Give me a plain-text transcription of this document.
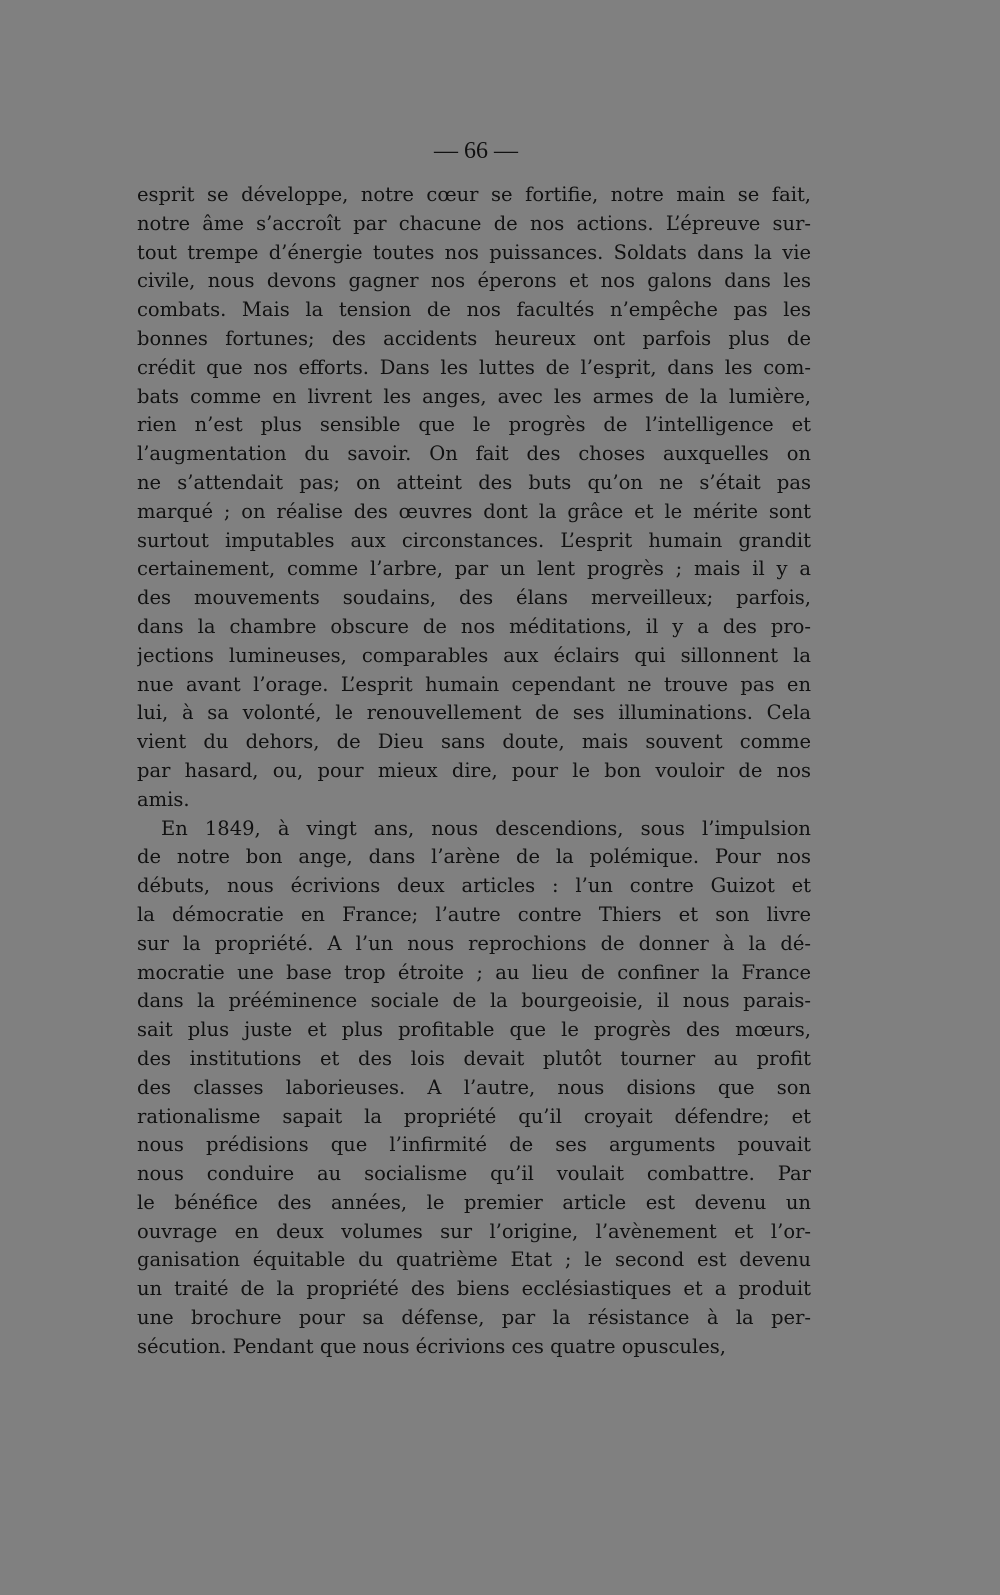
— 66 —
esprit se développe, notre cœur se fortifie, notre main se fait,
notre âme s’accroît par chacune de nos actions. L’épreuve sur-
tout trempe d’énergie toutes nos puissances. Soldats dans la vie
civile, nous devons gagner nos éperons et nos galons dans les
combats. Mais la tension de nos facultés n’empêche pas les
bonnes fortunes; des accidents heureux ont parfois plus de
crédit que nos efforts. Dans les luttes de l’esprit, dans les com-
bats comme en livrent les anges, avec les armes de la lumière,
rien n’est plus sensible que le progrès de l’intelligence et
l’augmentation du savoir. On fait des choses auxquelles on
ne s’attendait pas; on atteint des buts qu’on ne s’était pas
marqué ; on réalise des œuvres dont la grâce et le mérite sont
surtout imputables aux circonstances. L’esprit humain grandit
certainement, comme l’arbre, par un lent progrès ; mais il y a
des mouvements soudains, des élans merveilleux; parfois,
dans la chambre obscure de nos méditations, il y a des pro-
jections lumineuses, comparables aux éclairs qui sillonnent la
nue avant l’orage. L’esprit humain cependant ne trouve pas en
lui, à sa volonté, le renouvellement de ses illuminations. Cela
vient du dehors, de Dieu sans doute, mais souvent comme
par hasard, ou, pour mieux dire, pour le bon vouloir de nos
amis.
En 1849, à vingt ans, nous descendions, sous l’impulsion
de notre bon ange, dans l’arène de la polémique. Pour nos
débuts, nous écrivions deux articles : l’un contre Guizot et
la démocratie en France; l’autre contre Thiers et son livre
sur la propriété. A l’un nous reprochions de donner à la dé-
mocratie une base trop étroite ; au lieu de confiner la France
dans la prééminence sociale de la bourgeoisie, il nous parais-
sait plus juste et plus profitable que le progrès des mœurs,
des institutions et des lois devait plutôt tourner au profit
des classes laborieuses. A l’autre, nous disions que son
rationalisme sapait la propriété qu’il croyait défendre; et
nous prédisions que l’infirmité de ses arguments pouvait
nous conduire au socialisme qu’il voulait combattre. Par
le bénéfice des années, le premier article est devenu un
ouvrage en deux volumes sur l’origine, l’avènement et l’or-
ganisation équitable du quatrième Etat ; le second est devenu
un traité de la propriété des biens ecclésiastiques et a produit
une brochure pour sa défense, par la résistance à la per-
sécution. Pendant que nous écrivions ces quatre opuscules,
